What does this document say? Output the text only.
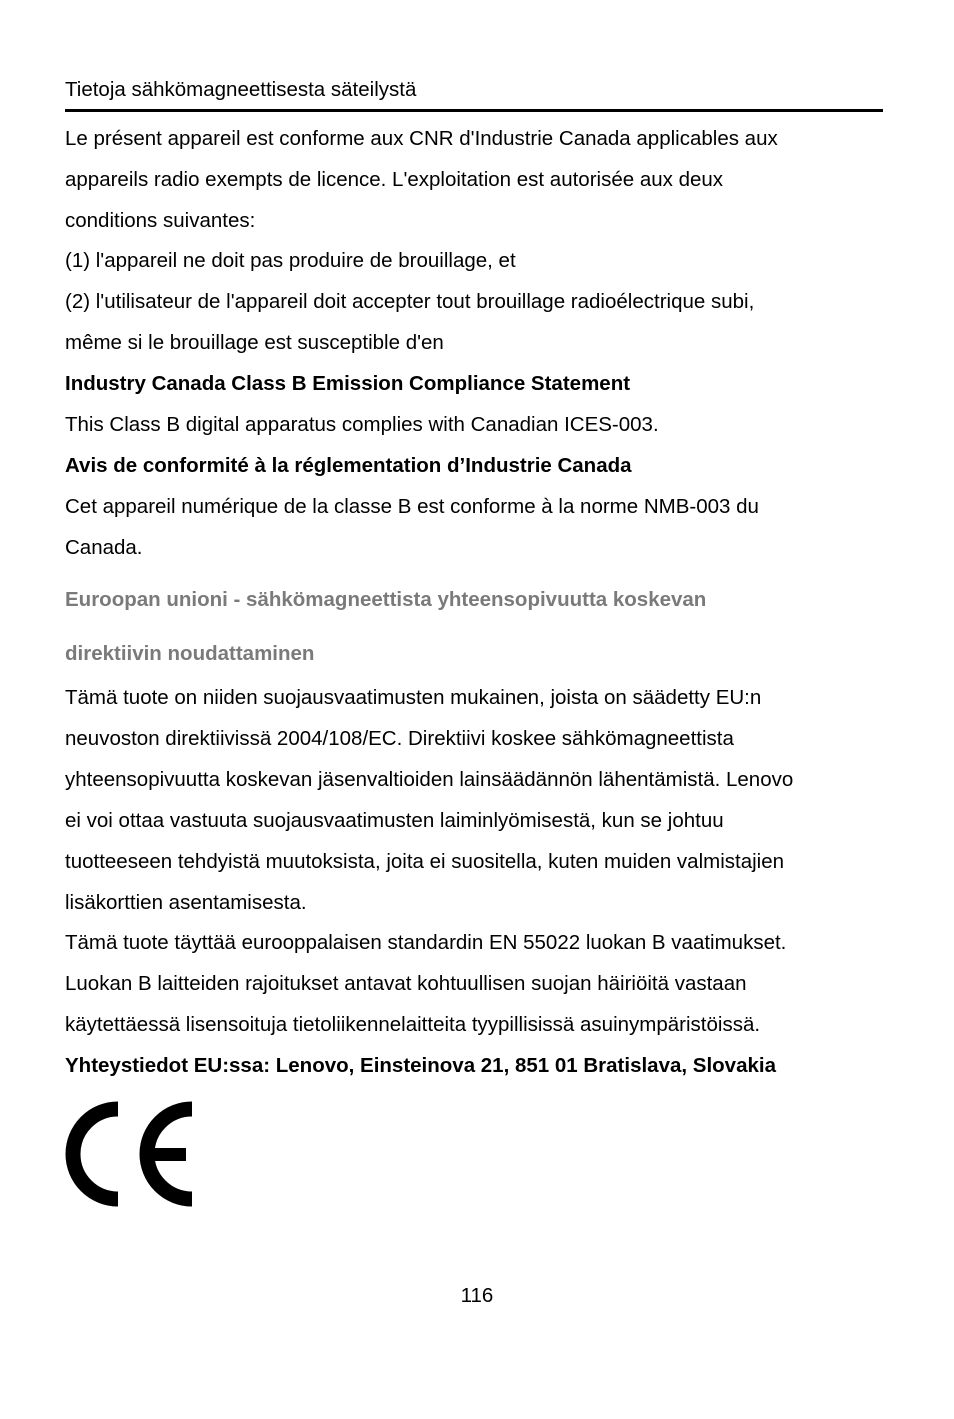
Tietoja sähkömagneettisesta säteilystä
Le présent appareil est conforme aux CNR d'Industrie Canada applicables aux
appareils radio exempts de licence. L'exploitation est autorisée aux deux
conditions suivantes:
(1) l'appareil ne doit pas produire de brouillage, et
(2) l'utilisateur de l'appareil doit accepter tout brouillage radioélectrique subi,
même si le brouillage est susceptible d'en
Industry Canada Class B Emission Compliance Statement
This Class B digital apparatus complies with Canadian ICES-003.
Avis de conformité à la réglementation d’Industrie Canada
Cet appareil numérique de la classe B est conforme à la norme NMB-003 du
Canada.
Euroopan unioni - sähkömagneettista yhteensopivuutta koskevan
direktiivin noudattaminen
Tämä tuote on niiden suojausvaatimusten mukainen, joista on säädetty EU:n
neuvoston direktiivissä 2004/108/EC. Direktiivi koskee sähkömagneettista
yhteensopivuutta koskevan jäsenvaltioiden lainsäädännön lähentämistä. Lenovo
ei voi ottaa vastuuta suojausvaatimusten laiminlyömisestä, kun se johtuu
tuotteeseen tehdyistä muutoksista, joita ei suositella, kuten muiden valmistajien
lisäkorttien asentamisesta.
Tämä tuote täyttää eurooppalaisen standardin EN 55022 luokan B vaatimukset.
Luokan B laitteiden rajoitukset antavat kohtuullisen suojan häiriöitä vastaan
käytettäessä lisensoituja tietoliikennelaitteita tyypillisissä asuinympäristöissä.
Yhteystiedot EU:ssa: Lenovo, Einsteinova 21, 851 01 Bratislava, Slovakia
116
